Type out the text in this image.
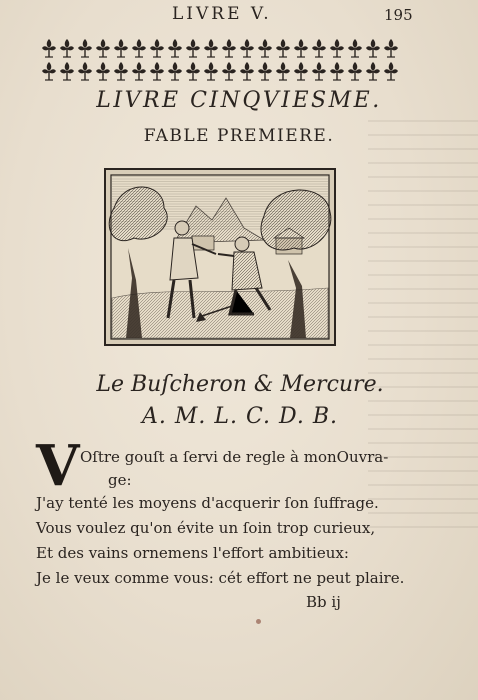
LIVRE V.	195
LIVRE CINQVIESME.
FABLE PREMIERE.
Le Buſcheron & Mercure.
A. M. L. C. D. B.
V Oſtre gouſt a ſervi de regle à monOuvra-
ge:
J'ay tenté les moyens d'acquerir ſon ſuffrage.
Vous voulez qu'on évite un ſoin trop curieux,
Et des vains ornemens l'effort ambitieux:
Je le veux comme vous: cét effort ne peut plaire.
Bb ij
